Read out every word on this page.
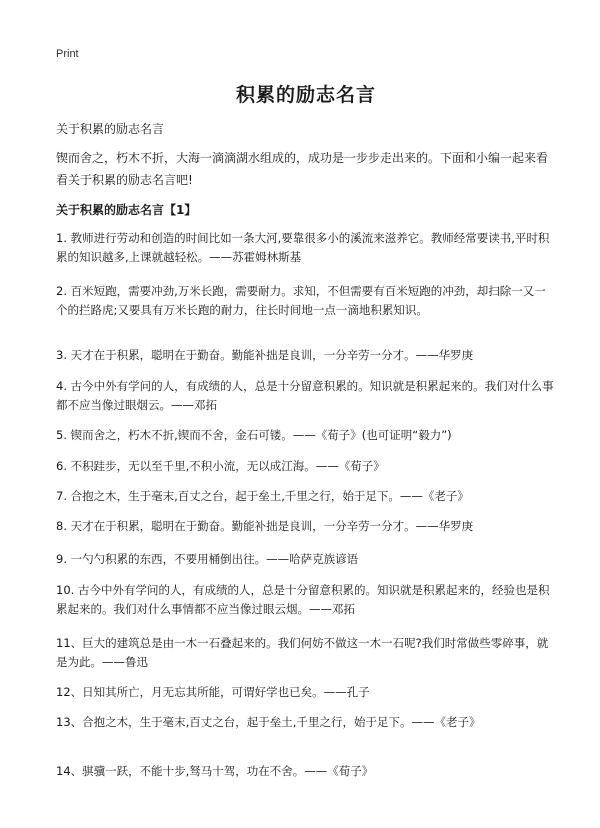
Print
积累的励志名言

关于积累的励志名言

锲而舍之，朽木不折，大海一滴滴湖水组成的，成功是一步步走出来的。下面和小编一起来看看关于积累的励志名言吧!

关于积累的励志名言【1】

1. 教师进行劳动和创造的时间比如一条大河,要靠很多小的溪流来滋养它。教师经常要读书,平时积累的知识越多,上课就越轻松。——苏霍姆林斯基

2. 百米短跑，需要冲劲,万米长跑，需要耐力。求知，不但需要有百米短跑的冲劲，却扫除一又一个的拦路虎;又要具有万米长跑的耐力，往长时间地一点一滴地积累知识。

3. 天才在于积累，聪明在于勤奋。勤能补拙是良训，一分辛劳一分才。——华罗庚

4. 古今中外有学问的人，有成绩的人，总是十分留意积累的。知识就是积累起来的。我们对什么事都不应当像过眼烟云。——邓拓

5. 锲而舍之，朽木不折,锲而不舍，金石可镂。——《荀子》(也可证明“毅力”)

6. 不积跬步，无以至千里,不积小流，无以成江海。——《荀子》

7. 合抱之木，生于毫末,百丈之台，起于垒土,千里之行，始于足下。——《老子》

8. 天才在于积累，聪明在于勤奋。勤能补拙是良训，一分辛劳一分才。——华罗庚

9. 一勺勺积累的东西，不要用桶倒出往。——哈萨克族谚语

10. 古今中外有学问的人，有成绩的人，总是十分留意积累的。知识就是积累起来的，经验也是积累起来的。我们对什么事情都不应当像过眼云烟。——邓拓

11、巨大的建筑总是由一木一石叠起来的。我们何妨不做这一木一石呢?我们时常做些零碎事，就是为此。——鲁迅

12、日知其所亡，月无忘其所能，可谓好学也已矣。——孔子

13、合抱之木，生于毫末,百丈之台，起于垒土,千里之行，始于足下。——《老子》

14、骐骥一跃，不能十步,驽马十驾，功在不舍。——《荀子》
